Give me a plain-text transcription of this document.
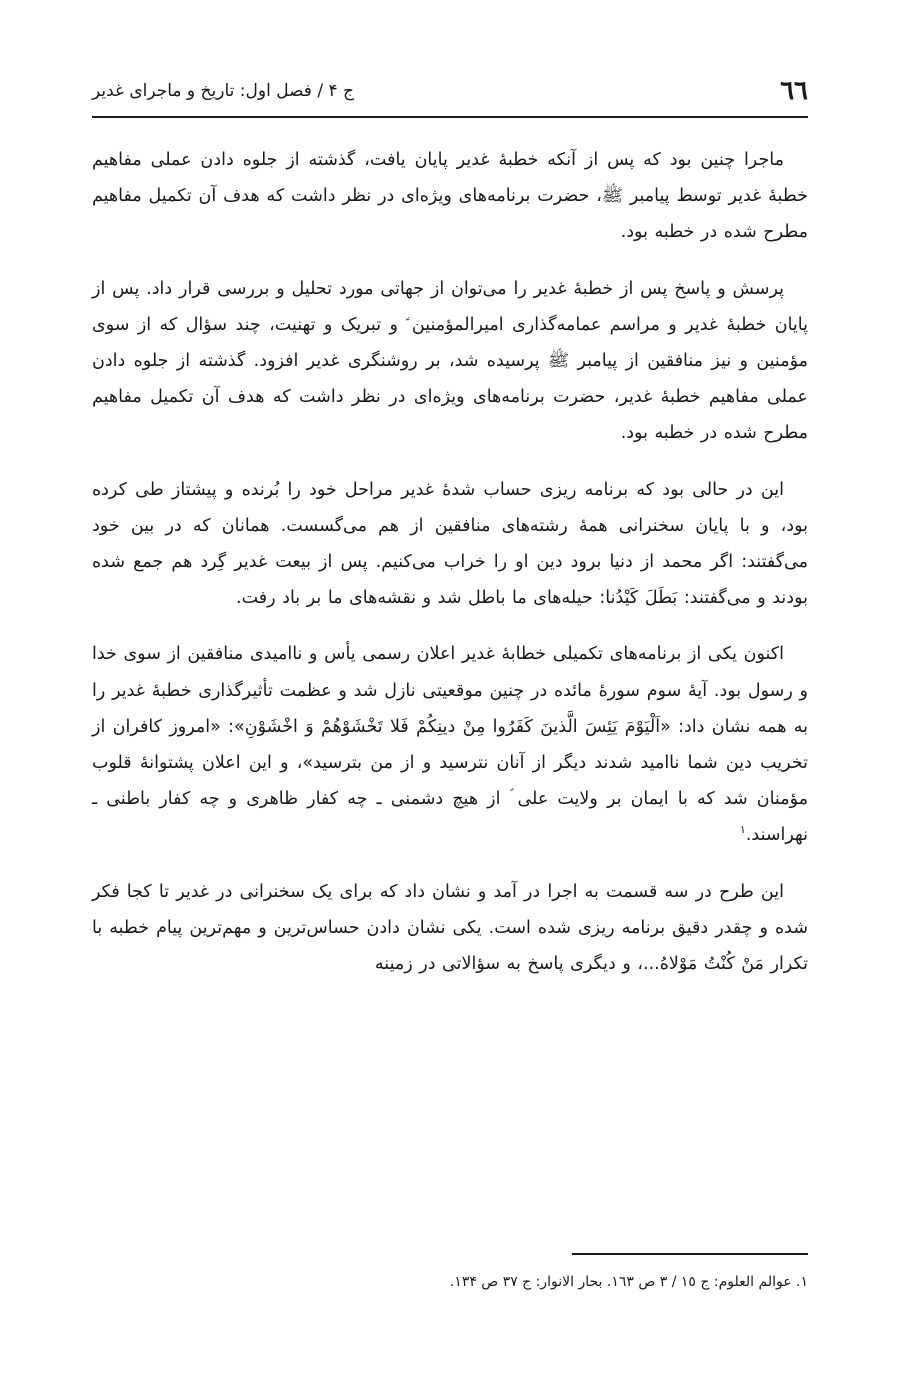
٦٦
ج ۴ / فصل اول: تاریخ و ماجرای غدیر

ماجرا چنین بود که پس از آنکه خطبۀ غدیر پایان یافت، گذشته از جلوه دادن عملی مفاهیم خطبۀ غدیر توسط پیامبر ﷺ، حضرت برنامه‌های ویژه‌ای در نظر داشت که هدف آن تکمیل مفاهیم مطرح شده در خطبه بود.

پرسش و پاسخ پس از خطبۀ غدیر را می‌توان از جهاتی مورد تحلیل و بررسی قرار داد. پس از پایان خطبۀ غدیر و مراسم عمامه‌گذاری امیرالمؤمنین ؑ و تبریک و تهنیت، چند سؤال که از سوی مؤمنین و نیز منافقین از پیامبر ﷺ پرسیده شد، بر روشنگری غدیر افزود. گذشته از جلوه دادن عملی مفاهیم خطبۀ غدیر، حضرت برنامه‌های ویژه‌ای در نظر داشت که هدف آن تکمیل مفاهیم مطرح شده در خطبه بود.

این در حالی بود که برنامه ریزی حساب شدۀ غدیر مراحل خود را بُرنده و پیشتاز طی کرده بود، و با پایان سخنرانی همۀ رشته‌های منافقین از هم می‌گسست. همانان که در بین خود می‌گفتند: اگر محمد از دنیا برود دین او را خراب می‌کنیم. پس از بیعت غدیر گِرد هم جمع شده بودند و می‌گفتند: بَطَلَ کَیْدُنا: حیله‌های ما باطل شد و نقشه‌های ما بر باد رفت.

اکنون یکی از برنامه‌های تکمیلی خطابۀ غدیر اعلان رسمی یأس و ناامیدی منافقین از سوی خدا و رسول بود. آیۀ سوم سورۀ مائده در چنین موقعیتی نازل شد و عظمت تأثیرگذاری خطبۀ غدیر را به همه نشان داد: «اَلْیَوْمَ یَئِسَ الَّذینَ کَفَرُوا مِنْ دینِکُمْ فَلا تَخْشَوْهُمْ وَ اخْشَوْنِ»: «امروز کافران از تخریب دین شما ناامید شدند دیگر از آنان نترسید و از من بترسید»، و این اعلان پشتوانۀ قلوب مؤمنان شد که با ایمان بر ولایت علی ؑ از هیچ دشمنی ـ چه کفار ظاهری و چه کفار باطنی ـ نهراسند.$^١$

این طرح در سه قسمت به اجرا در آمد و نشان داد که برای یک سخنرانی در غدیر تا کجا فکر شده و چقدر دقیق برنامه ریزی شده است. یکی نشان دادن حساس‌ترین و مهم‌ترین پیام خطبه با تکرار مَنْ کُنْتُ مَوْلاهُ...، و دیگری پاسخ به سؤالاتی در زمینه

١. عوالم العلوم: ج ١٥ / ٣ ص ١٦٣. بحار الانوار: ج ٣٧ ص ١٣۴.
